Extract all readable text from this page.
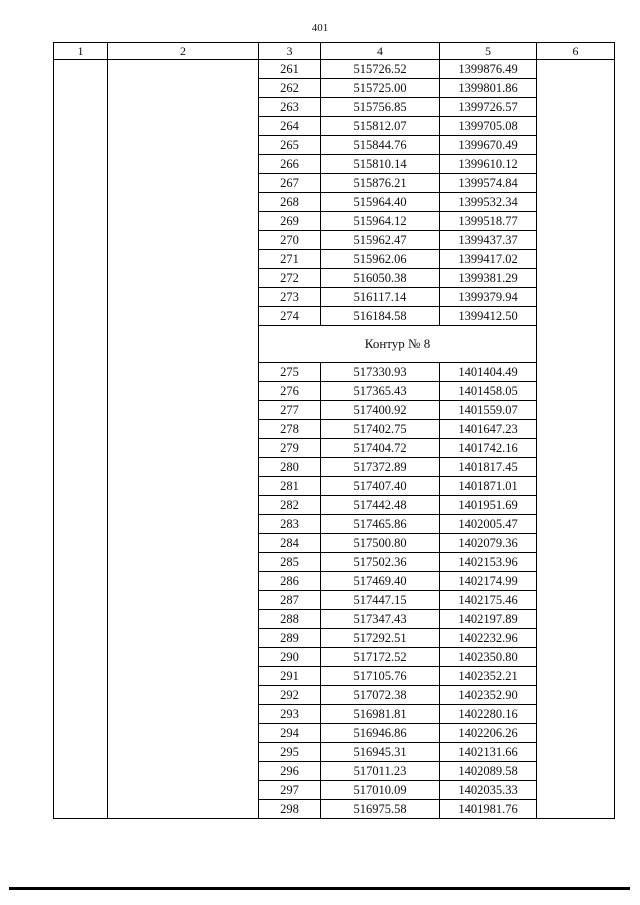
401
1	2	3	4	5	6
		261	515726.52	1399876.49	
		262	515725.00	1399801.86	
		263	515756.85	1399726.57	
		264	515812.07	1399705.08	
		265	515844.76	1399670.49	
		266	515810.14	1399610.12	
		267	515876.21	1399574.84	
		268	515964.40	1399532.34	
		269	515964.12	1399518.77	
		270	515962.47	1399437.37	
		271	515962.06	1399417.02	
		272	516050.38	1399381.29	
		273	516117.14	1399379.94	
		274	516184.58	1399412.50	
		Контур № 8			
		275	517330.93	1401404.49	
		276	517365.43	1401458.05	
		277	517400.92	1401559.07	
		278	517402.75	1401647.23	
		279	517404.72	1401742.16	
		280	517372.89	1401817.45	
		281	517407.40	1401871.01	
		282	517442.48	1401951.69	
		283	517465.86	1402005.47	
		284	517500.80	1402079.36	
		285	517502.36	1402153.96	
		286	517469.40	1402174.99	
		287	517447.15	1402175.46	
		288	517347.43	1402197.89	
		289	517292.51	1402232.96	
		290	517172.52	1402350.80	
		291	517105.76	1402352.21	
		292	517072.38	1402352.90	
		293	516981.81	1402280.16	
		294	516946.86	1402206.26	
		295	516945.31	1402131.66	
		296	517011.23	1402089.58	
		297	517010.09	1402035.33	
		298	516975.58	1401981.76	
